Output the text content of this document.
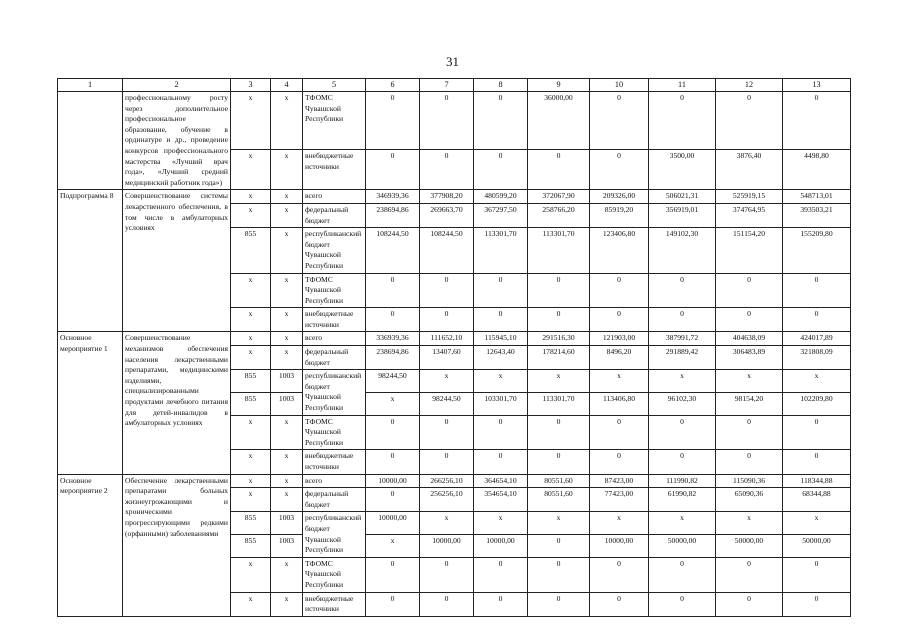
31
1	2	3	4	5	6	7	8	9	10	11	12	13
	профессиональному росту через дополнительное профессиональное образование, обучение в ординатуре и др., проведение конкурсов профессионального мастерства «Лучший врач года», «Лучший средний медицинский работник года»)	х	х	ТФОМС Чувашской Республики	0	0	0	36000,00	0	0	0	0
		х	х	внебюджетные источники	0	0	0	0	0	3500,00	3876,40	4498,80
Подпрограмма 8	Совершенствование системы лекарственного обеспечения, в том числе в амбулаторных условиях	х	х	всего	346939,36	377908,20	480599,20	372067,90	209326,00	506021,31	525919,15	548713,01
		х	х	федеральный бюджет	238694,86	269663,70	367297,50	258766,20	85919,20	356919,01	374764,95	393503,21
		855	х	республиканский бюджет Чувашской Республики	108244,50	108244,50	113301,70	113301,70	123406,80	149102,30	151154,20	155209,80
		х	х	ТФОМС Чувашской Республики	0	0	0	0	0	0	0	0
		х	х	внебюджетные источники	0	0	0	0	0	0	0	0
Основное мероприятие 1	Совершенствование механизмов обеспечения населения лекарственными препаратами, медицинскими изделиями, специализированными продуктами лечебного питания для детей-инвалидов в амбулаторных условиях	х	х	всего	336939,36	111652,10	115945,10	291516,30	121903,00	387991,72	404638,09	424017,89
		х	х	федеральный бюджет	238694,86	13407,60	12643,40	178214,60	8496,20	291889,42	306483,89	321808,09
		855	1003	республиканский бюджет Чувашской Республики	98244,50	х	х	х	х	х	х	х
		855	1003		х	98244,50	103301,70	113301,70	113406,80	96102,30	98154,20	102209,80
		х	х	ТФОМС Чувашской Республики	0	0	0	0	0	0	0	0
		х	х	внебюджетные источники	0	0	0	0	0	0	0	0
Основное мероприятие 2	Обеспечение лекарственными препаратами больных жизнеугрожающими и хроническими прогрессирующими редкими (орфанными) заболеваниями	х	х	всего	10000,00	266256,10	364654,10	80551,60	87423,00	111990,82	115090,36	118344,88
		х	х	федеральный бюджет	0	256256,10	354654,10	80551,60	77423,00	61990,82	65090,36	68344,88
		855	1003	республиканский бюджет Чувашской Республики	10000,00	х	х	х	х	х	х	х
		855	1003		х	10000,00	10000,00	0	10000,00	50000,00	50000,00	50000,00
		х	х	ТФОМС Чувашской Республики	0	0	0	0	0	0	0	0
		х	х	внебюджетные источники	0	0	0	0	0	0	0	0
